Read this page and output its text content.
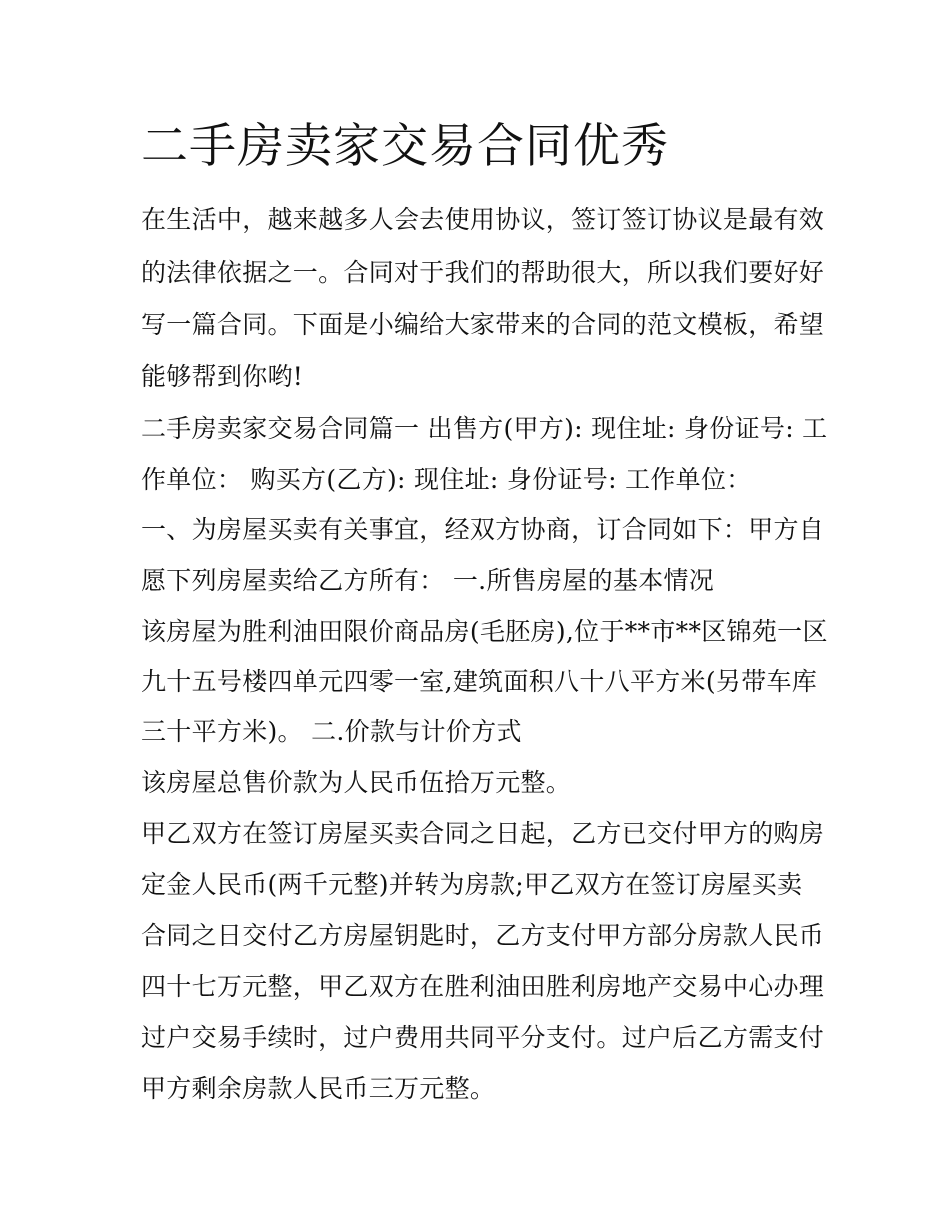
二手房卖家交易合同优秀

在生活中，越来越多人会去使用协议，签订签订协议是最有效

的法律依据之一。合同对于我们的帮助很大，所以我们要好好

写一篇合同。下面是小编给大家带来的合同的范文模板，希望

能够帮到你哟!

二手房卖家交易合同篇一 出售方(甲方): 现住址: 身份证号: 工

作单位： 购买方(乙方): 现住址: 身份证号: 工作单位：

一、为房屋买卖有关事宜，经双方协商，订合同如下：甲方自

愿下列房屋卖给乙方所有： 一.所售房屋的基本情况

该房屋为胜利油田限价商品房(毛胚房),位于**市**区锦苑一区

九十五号楼四单元四零一室,建筑面积八十八平方米(另带车库

三十平方米)。 二.价款与计价方式

该房屋总售价款为人民币伍拾万元整。

甲乙双方在签订房屋买卖合同之日起，乙方已交付甲方的购房

定金人民币(两千元整)并转为房款;甲乙双方在签订房屋买卖

合同之日交付乙方房屋钥匙时，乙方支付甲方部分房款人民币

四十七万元整，甲乙双方在胜利油田胜利房地产交易中心办理

过户交易手续时，过户费用共同平分支付。过户后乙方需支付

甲方剩余房款人民币三万元整。
